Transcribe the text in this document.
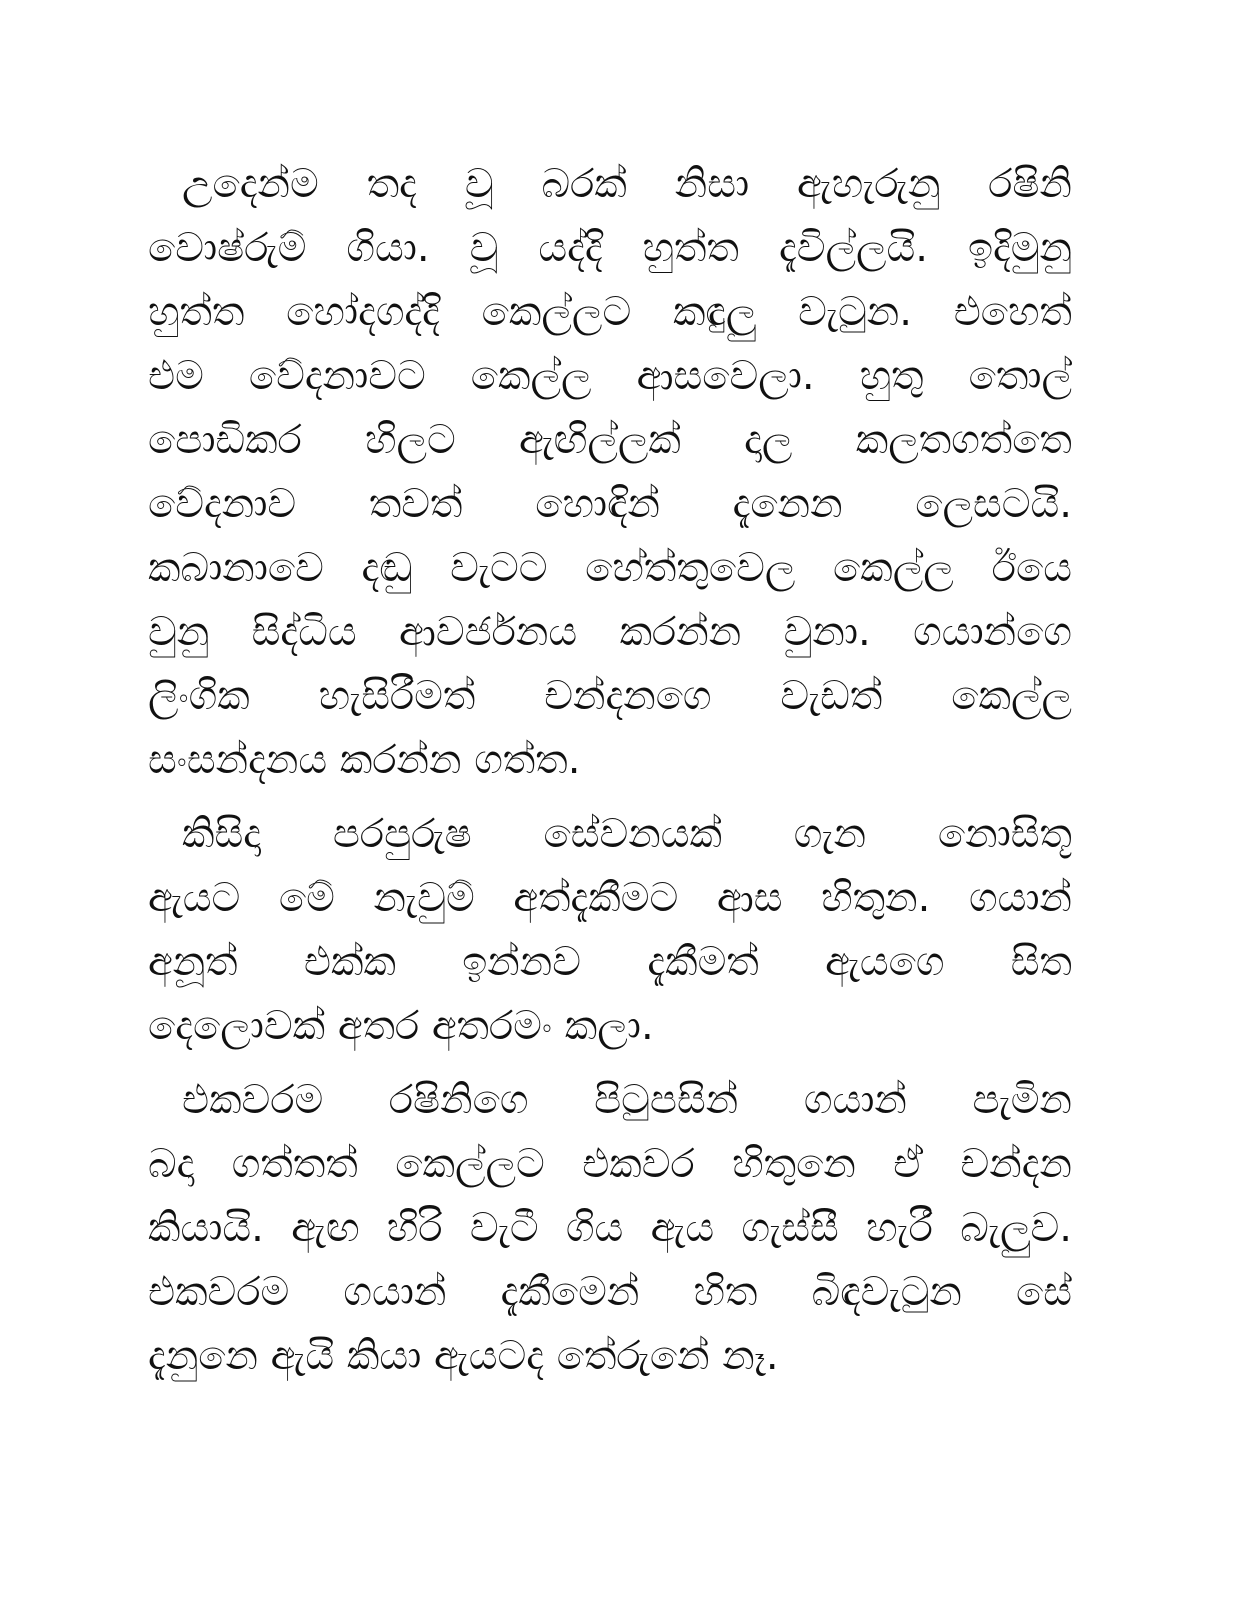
උදෙන්ම තද වූ බරක් නිසා ඇහැරුනු රෂිනි
වොෂ්රුම් ගියා. වූ යද්දි හුත්ත දැවිල්ලයි. ඉදිමුනු
හුත්ත හෝදගද්දි කෙල්ලට කඳුලු වැටුන. එහෙත්
එම වේදනාවට කෙල්ල ආසවෙලා. හුතු තොල්
පොඩිකර හිලට ඇඟිල්ලක් දාල කලතගත්තෙ
වේදනාව තවත් හොඳින් දැනෙන ලෙසටයි.
කබානාවෙ දඬු වැටට හේත්තුවෙල කෙල්ල ඊයෙ
වුනු සිද්ධිය ආවර්ජනය කරන්න වුනා. ගයාන්ගෙ
ලිංගික හැසිරීමත් චන්දනගෙ වැඩත් කෙල්ල
සංසන්දනය කරන්න ගත්ත.
කිසිදා පරපුරුෂ සේවනයක් ගැන නොසිතූ
ඇයට මේ නැවුම් අත්දැකීමට ආස හිතුන. ගයාන්
අනූත් එක්ක ඉන්නව දැකීමත් ඇයගෙ සිත
දෙලොවක් අතර අතරමං කලා.
එකවරම රෂිනිගෙ පිටුපසින් ගයාන් පැමින
බදා ගත්තත් කෙල්ලට එකවර හිතුනෙ ඒ චන්දන
කියායි. ඇඟ හිරි වැටී ගිය ඇය ගැස්සී හැරී බැලුව.
එකවරම ගයාන් දැකීමෙන් හිත බිඳවැටුන සේ
දැනුනෙ ඇයි කියා ඇයටද තේරුනේ නෑ.
